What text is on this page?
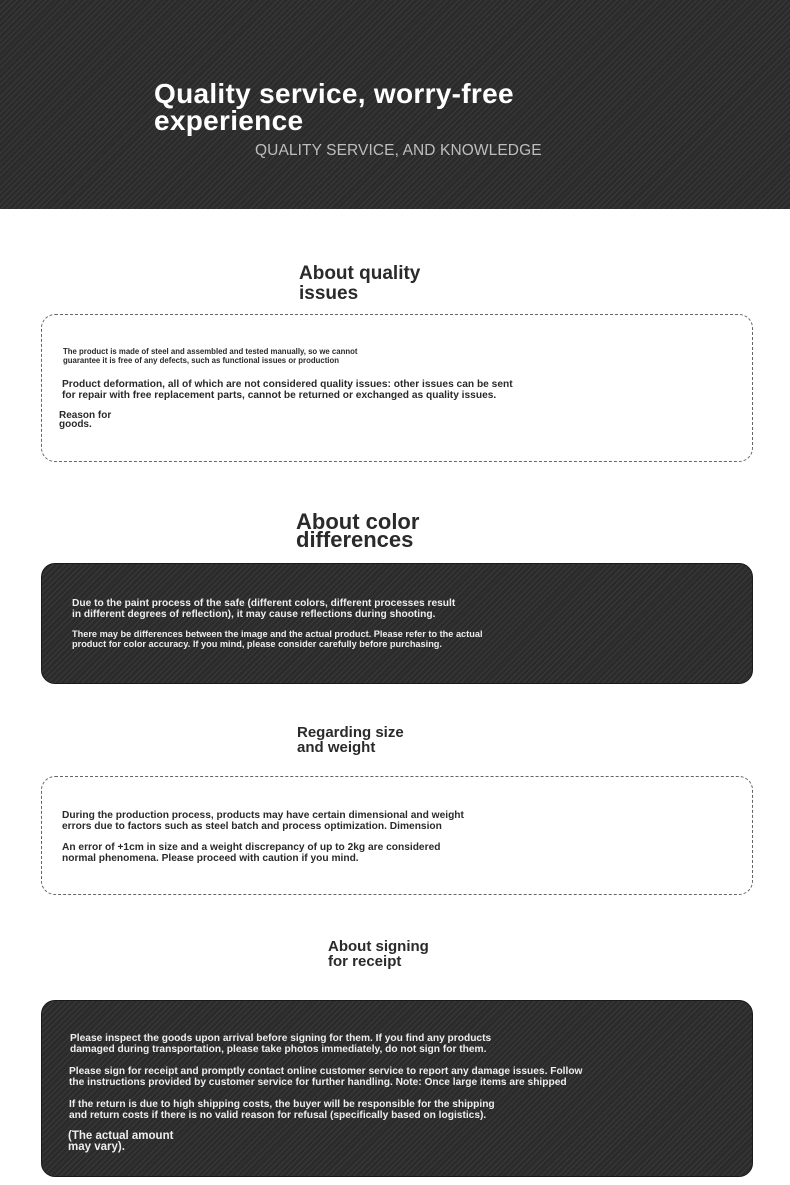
Quality service, worry-free
experience
QUALITY SERVICE, AND KNOWLEDGE
About quality
issues
The product is made of steel and assembled and tested manually, so we cannot
guarantee it is free of any defects, such as functional issues or production
Product deformation, all of which are not considered quality issues: other issues can be sent
for repair with free replacement parts, cannot be returned or exchanged as quality issues.
Reason for
goods.
About color
differences
Due to the paint process of the safe (different colors, different processes result
in different degrees of reflection), it may cause reflections during shooting.
There may be differences between the image and the actual product. Please refer to the actual
product for color accuracy. If you mind, please consider carefully before purchasing.
Regarding size
and weight
During the production process, products may have certain dimensional and weight
errors due to factors such as steel batch and process optimization. Dimension
An error of +1cm in size and a weight discrepancy of up to 2kg are considered
normal phenomena. Please proceed with caution if you mind.
About signing
for receipt
Please inspect the goods upon arrival before signing for them. If you find any products
damaged during transportation, please take photos immediately, do not sign for them.
Please sign for receipt and promptly contact online customer service to report any damage issues. Follow
the instructions provided by customer service for further handling. Note: Once large items are shipped
If the return is due to high shipping costs, the buyer will be responsible for the shipping
and return costs if there is no valid reason for refusal (specifically based on logistics).
(The actual amount
may vary).
